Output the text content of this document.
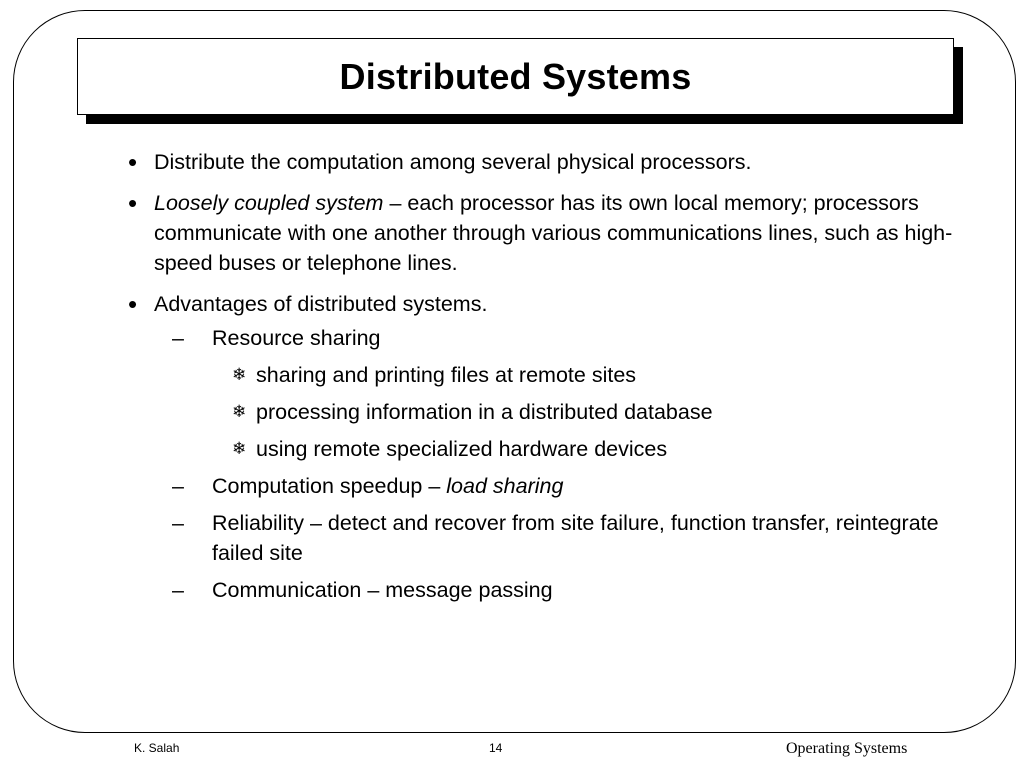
Distributed Systems
• Distribute the computation among several physical processors.
• Loosely coupled system – each processor has its own local memory; processors communicate with one another through various communications lines, such as high-speed buses or telephone lines.
• Advantages of distributed systems.
– Resource sharing
❄ sharing and printing files at remote sites
❄ processing information in a distributed database
❄ using remote specialized hardware devices
– Computation speedup – load sharing
– Reliability – detect and recover from site failure, function transfer, reintegrate failed site
– Communication – message passing
K. Salah	14	Operating Systems
